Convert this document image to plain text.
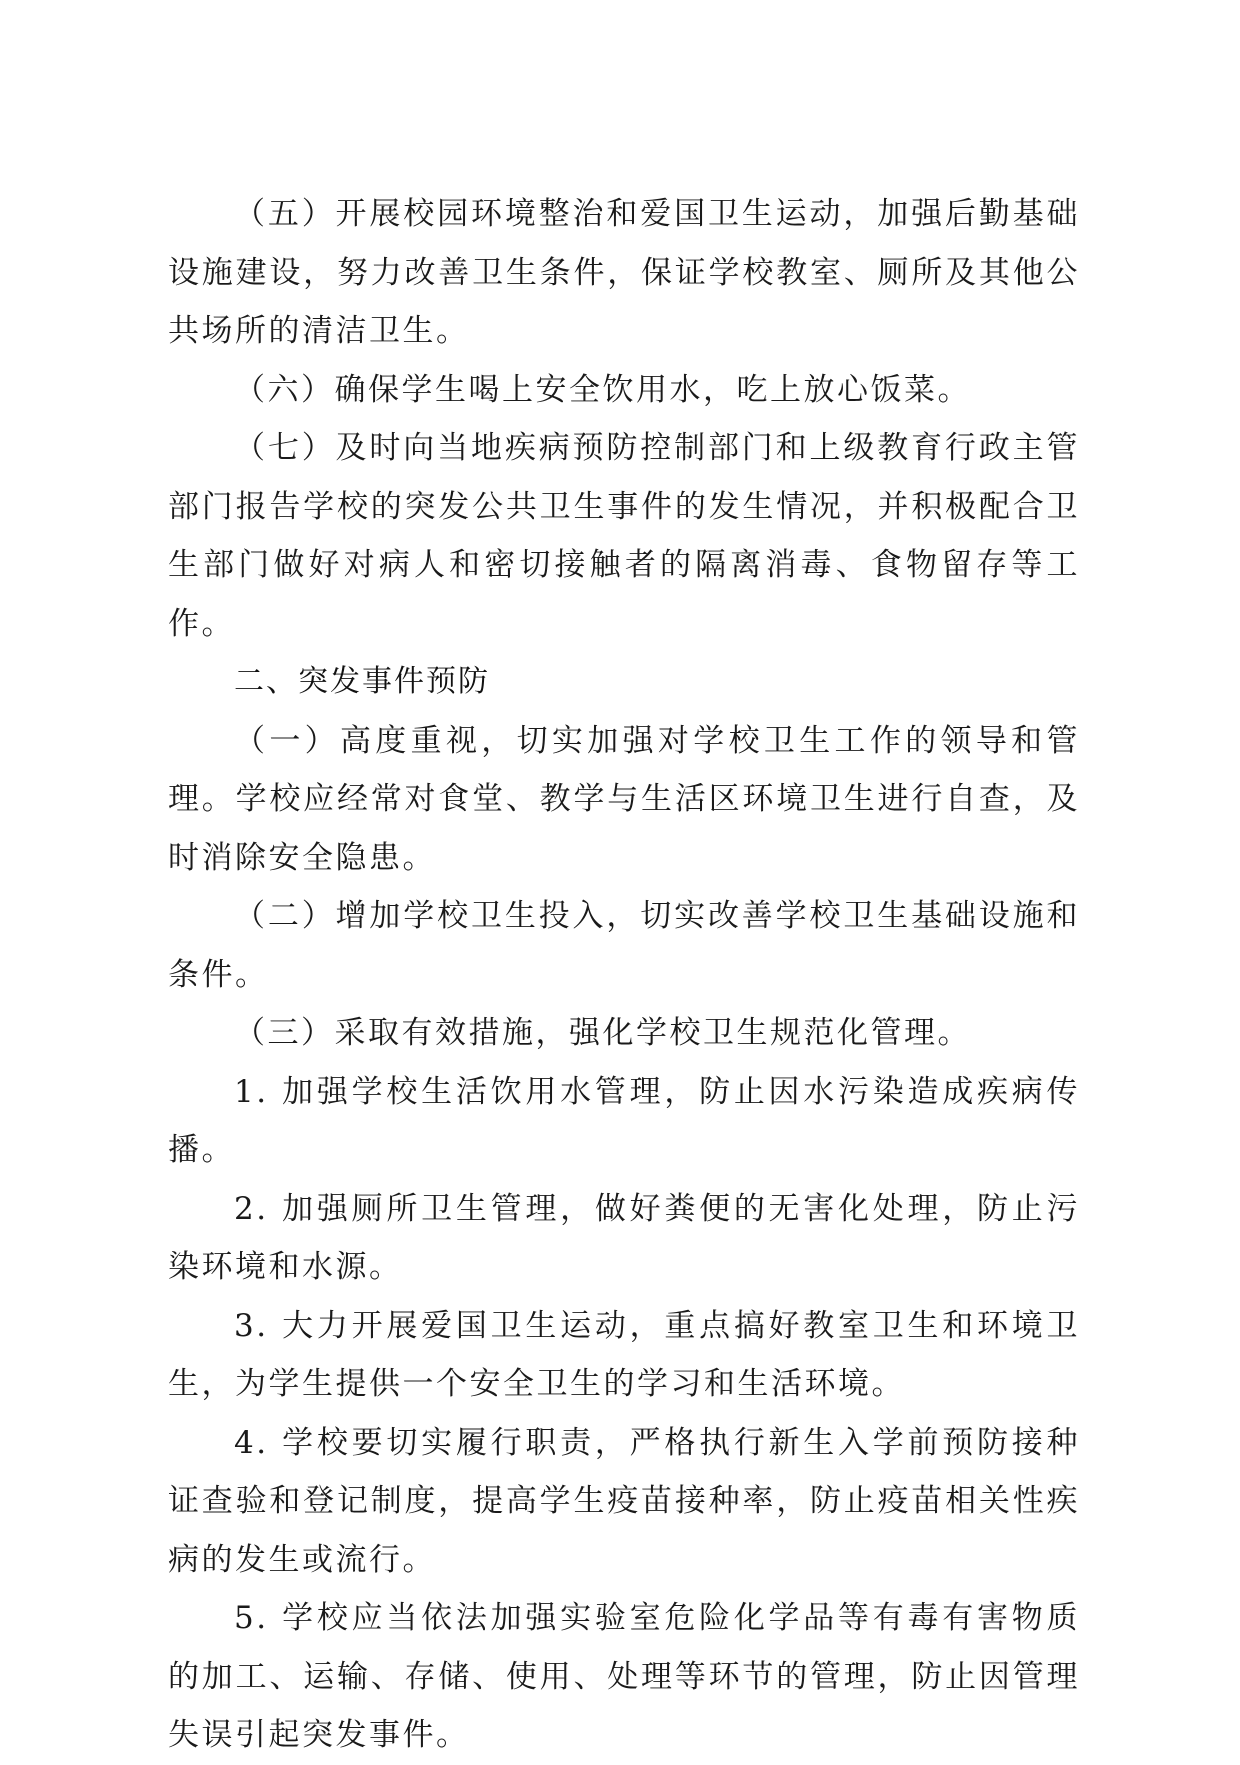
（五）开展校园环境整治和爱国卫生运动，加强后勤基础设施建设，努力改善卫生条件，保证学校教室、厕所及其他公共场所的清洁卫生。

（六）确保学生喝上安全饮用水，吃上放心饭菜。

（七）及时向当地疾病预防控制部门和上级教育行政主管部门报告学校的突发公共卫生事件的发生情况，并积极配合卫生部门做好对病人和密切接触者的隔离消毒、食物留存等工作。

二、突发事件预防

（一）高度重视，切实加强对学校卫生工作的领导和管理。学校应经常对食堂、教学与生活区环境卫生进行自查，及时消除安全隐患。

（二）增加学校卫生投入，切实改善学校卫生基础设施和条件。

（三）采取有效措施，强化学校卫生规范化管理。

1. 加强学校生活饮用水管理，防止因水污染造成疾病传播。

2. 加强厕所卫生管理，做好粪便的无害化处理，防止污染环境和水源。

3. 大力开展爱国卫生运动，重点搞好教室卫生和环境卫生，为学生提供一个安全卫生的学习和生活环境。

4. 学校要切实履行职责，严格执行新生入学前预防接种证查验和登记制度，提高学生疫苗接种率，防止疫苗相关性疾病的发生或流行。

5. 学校应当依法加强实验室危险化学品等有毒有害物质的加工、运输、存储、使用、处理等环节的管理，防止因管理失误引起突发事件。
